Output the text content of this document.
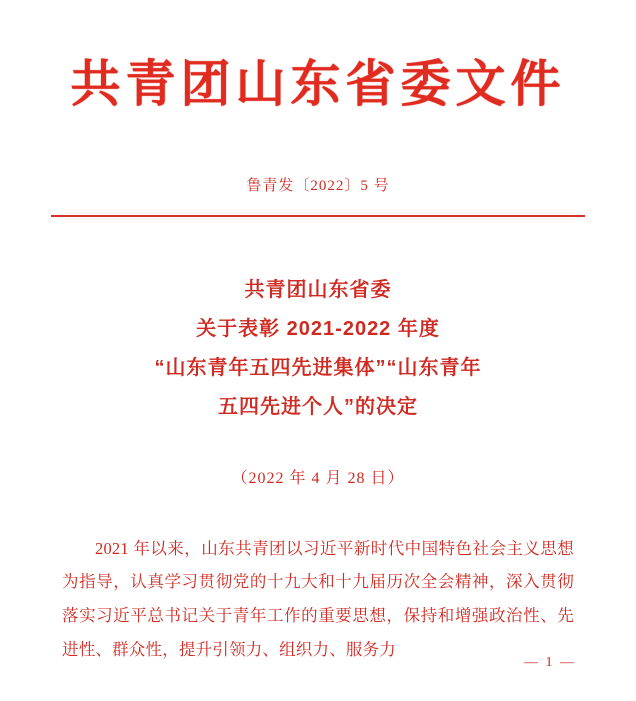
共青团山东省委文件
鲁青发〔2022〕5 号
共青团山东省委
关于表彰 2021-2022 年度
“山东青年五四先进集体”“山东青年
五四先进个人”的决定
（2022 年 4 月 28 日）

2021 年以来，山东共青团以习近平新时代中国特色社会主义思想为指导，认真学习贯彻党的十九大和十九届历次全会精神，深入贯彻落实习近平总书记关于青年工作的重要思想，保持和增强政治性、先进性、群众性，提升引领力、组织力、服务力

— 1 —
